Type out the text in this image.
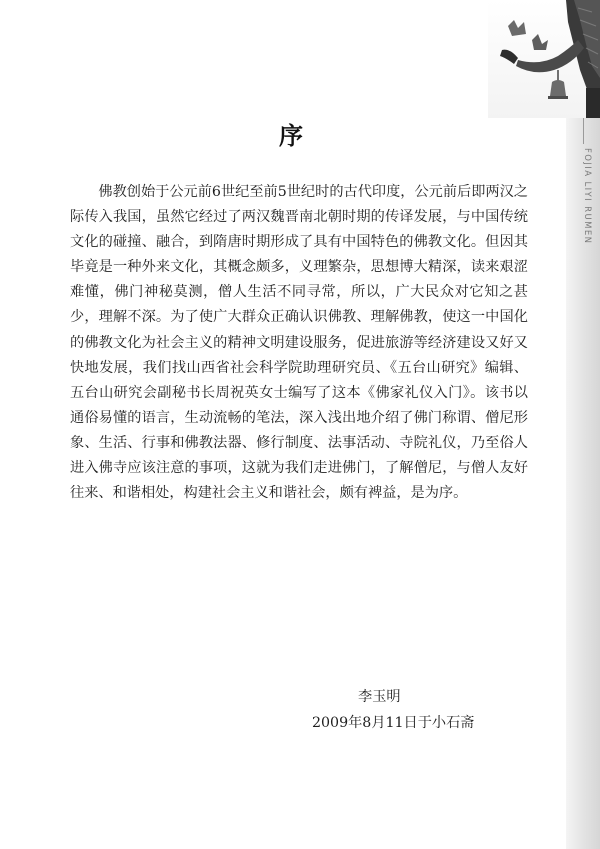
FOJIA LIYI RUMEN
序

佛教创始于公元前6世纪至前5世纪时的古代印度，公元前后即两汉之际传入我国，虽然它经过了两汉魏晋南北朝时期的传译发展，与中国传统文化的碰撞、融合，到隋唐时期形成了具有中国特色的佛教文化。但因其毕竟是一种外来文化，其概念颇多，义理繁杂，思想博大精深，读来艰涩难懂，佛门神秘莫测，僧人生活不同寻常，所以，广大民众对它知之甚少，理解不深。为了使广大群众正确认识佛教、理解佛教，使这一中国化的佛教文化为社会主义的精神文明建设服务，促进旅游等经济建设又好又快地发展，我们找山西省社会科学院助理研究员、《五台山研究》编辑、五台山研究会副秘书长周祝英女士编写了这本《佛家礼仪入门》。该书以通俗易懂的语言，生动流畅的笔法，深入浅出地介绍了佛门称谓、僧尼形象、生活、行事和佛教法器、修行制度、法事活动、寺院礼仪，乃至俗人进入佛寺应该注意的事项，这就为我们走进佛门，了解僧尼，与僧人友好往来、和谐相处，构建社会主义和谐社会，颇有裨益，是为序。

李玉明
2009年8月11日于小石斋
